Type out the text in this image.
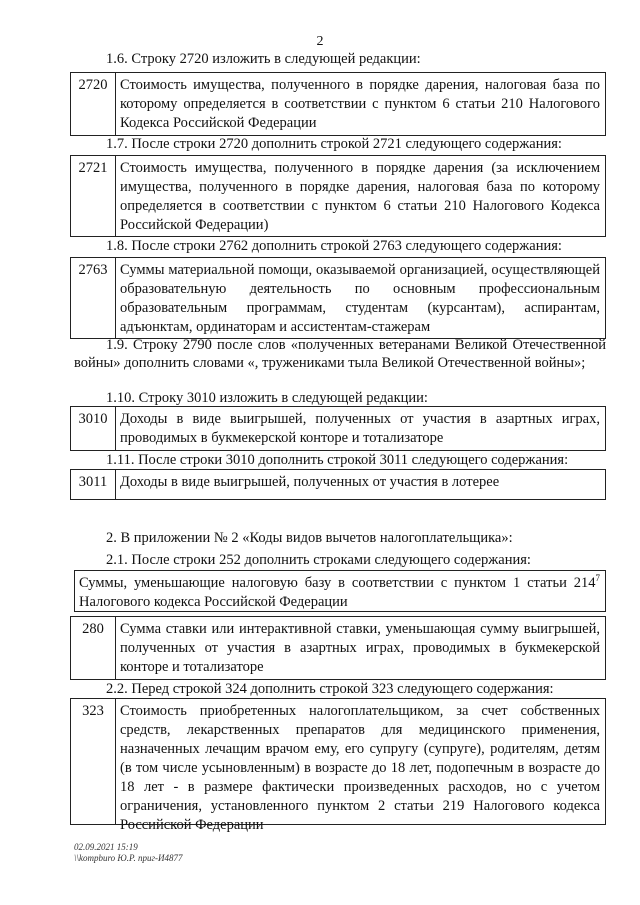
2
1.6. Строку 2720 изложить в следующей редакции:
2720 Стоимость имущества, полученного в порядке дарения, налоговая база по которому определяется в соответствии с пунктом 6 статьи 210 Налогового Кодекса Российской Федерации
1.7. После строки 2720 дополнить строкой 2721 следующего содержания:
2721 Стоимость имущества, полученного в порядке дарения (за исключением имущества, полученного в порядке дарения, налоговая база по которому определяется в соответствии с пунктом 6 статьи 210 Налогового Кодекса Российской Федерации)
1.8. После строки 2762 дополнить строкой 2763 следующего содержания:
2763 Суммы материальной помощи, оказываемой организацией, осуществляющей образовательную деятельность по основным профессиональным образовательным программам, студентам (курсантам), аспирантам, адъюнктам, ординаторам и ассистентам-стажерам
1.9. Строку 2790 после слов «полученных ветеранами Великой Отечественной войны» дополнить словами «, тружениками тыла Великой Отечественной войны»;
1.10. Строку 3010 изложить в следующей редакции:
3010 Доходы в виде выигрышей, полученных от участия в азартных играх, проводимых в букмекерской конторе и тотализаторе
1.11. После строки 3010 дополнить строкой 3011 следующего содержания:
3011 Доходы в виде выигрышей, полученных от участия в лотерее
2. В приложении № 2 «Коды видов вычетов налогоплательщика»:
2.1. После строки 252 дополнить строками следующего содержания:
Суммы, уменьшающие налоговую базу в соответствии с пунктом 1 статьи $214^7$ Налогового кодекса Российской Федерации
280	Сумма ставки или интерактивной ставки, уменьшающая сумму выигрышей, полученных от участия в азартных играх, проводимых в букмекерской конторе и тотализаторе
2.2. Перед строкой 324 дополнить строкой 323 следующего содержания:
323	Стоимость приобретенных налогоплательщиком, за счет собственных средств, лекарственных препаратов для медицинского применения, назначенных лечащим врачом ему, его супругу (супруге), родителям, детям (в том числе усыновленным) в возрасте до 18 лет, подопечным в возрасте до 18 лет - в размере фактически произведенных расходов, но с учетом ограничения, установленного пунктом 2 статьи 219 Налогового кодекса Российской Федерации
02.09.2021 15:19
\\kompburo Ю.Р. приг-И4877
